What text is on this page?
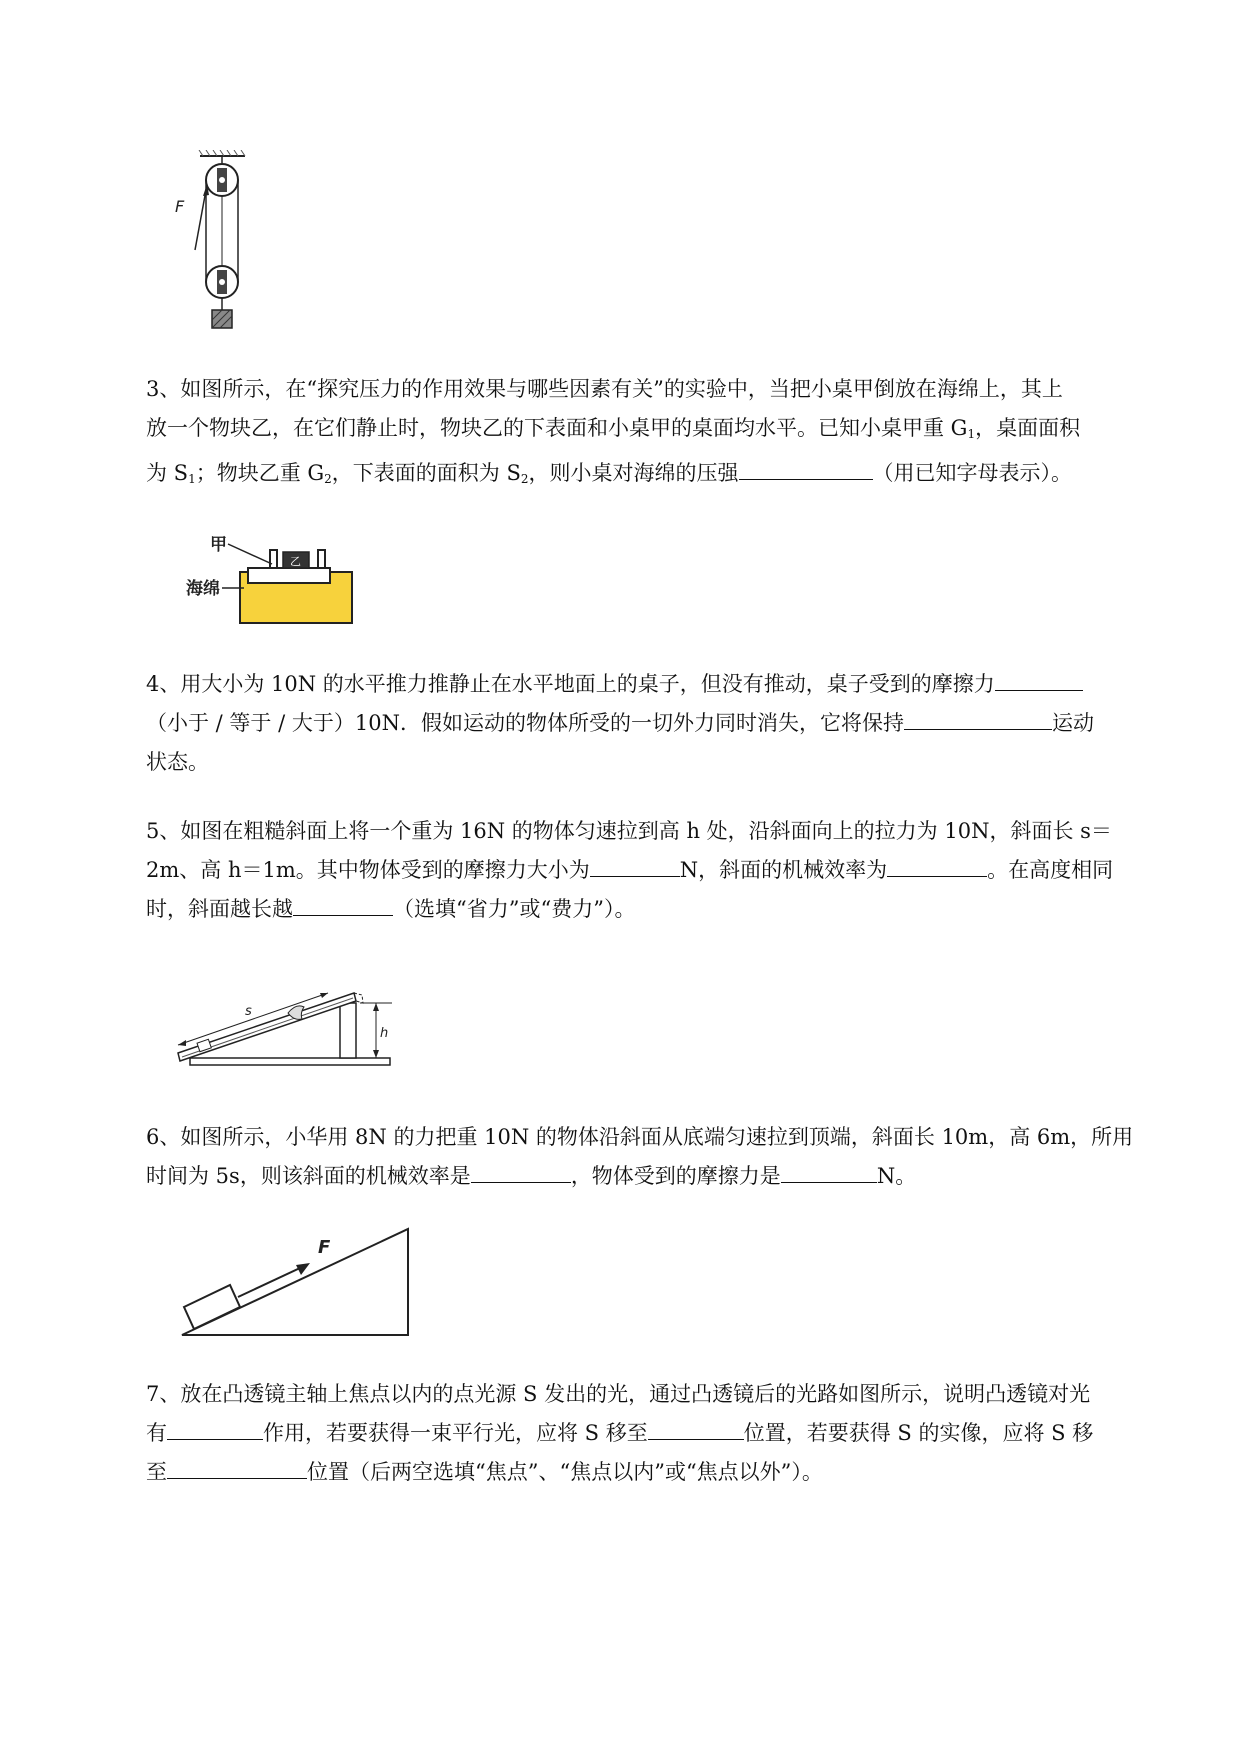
F
3、如图所示，在“探究压力的作用效果与哪些因素有关”的实验中，当把小桌甲倒放在海绵上，其上
放一个物块乙，在它们静止时，物块乙的下表面和小桌甲的桌面均水平。已知小桌甲重 $G_1$，桌面面积
为 $S_1$；物块乙重 $G_2$，下表面的面积为 $S_2$，则小桌对海绵的压强	（用已知字母表示）。
乙
甲
海绵
4、用大小为 10N 的水平推力推静止在水平地面上的桌子，但没有推动，桌子受到的摩擦力
（小于 / 等于 / 大于）10N．假如运动的物体所受的一切外力同时消失，它将保持	运动
状态。
5、如图在粗糙斜面上将一个重为 16N 的物体匀速拉到高 h 处，沿斜面向上的拉力为 10N，斜面长 s＝
2m、高 h＝1m。其中物体受到的摩擦力大小为	N，斜面的机械效率为	。在高度相同
时，斜面越长越	（选填“省力”或“费力”）。
s
h
6、如图所示，小华用 8N 的力把重 10N 的物体沿斜面从底端匀速拉到顶端，斜面长 10m，高 6m，所用
时间为 5s，则该斜面的机械效率是	，物体受到的摩擦力是	N。
F
7、放在凸透镜主轴上焦点以内的点光源 S 发出的光，通过凸透镜后的光路如图所示，说明凸透镜对光
有	作用，若要获得一束平行光，应将 S 移至	位置，若要获得 S 的实像，应将 S 移
至	位置（后两空选填“焦点”、“焦点以内”或“焦点以外”）。
